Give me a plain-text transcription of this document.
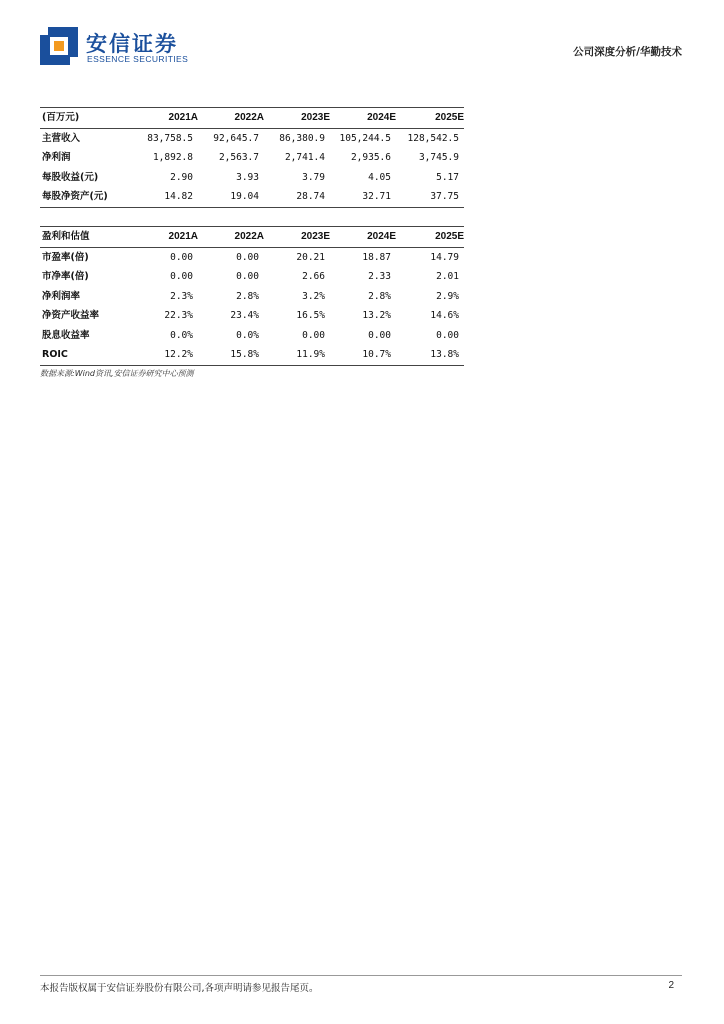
安信证券
ESSENCE SECURITIES
公司深度分析/华勤技术
(百万元)	2021A	2022A	2023E	2024E	2025E
主营收入	83,758.5	92,645.7	86,380.9	105,244.5	128,542.5
净利润	1,892.8	2,563.7	2,741.4	2,935.6	3,745.9
每股收益(元)	2.90	3.93	3.79	4.05	5.17
每股净资产(元)	14.82	19.04	28.74	32.71	37.75
盈利和估值	2021A	2022A	2023E	2024E	2025E
市盈率(倍)	0.00	0.00	20.21	18.87	14.79
市净率(倍)	0.00	0.00	2.66	2.33	2.01
净利润率	2.3%	2.8%	3.2%	2.8%	2.9%
净资产收益率	22.3%	23.4%	16.5%	13.2%	14.6%
股息收益率	0.0%	0.0%	0.00	0.00	0.00
ROIC	12.2%	15.8%	11.9%	10.7%	13.8%
数据来源:Wind资讯,安信证券研究中心预测
本报告版权属于安信证券股份有限公司,各项声明请参见报告尾页。	2
